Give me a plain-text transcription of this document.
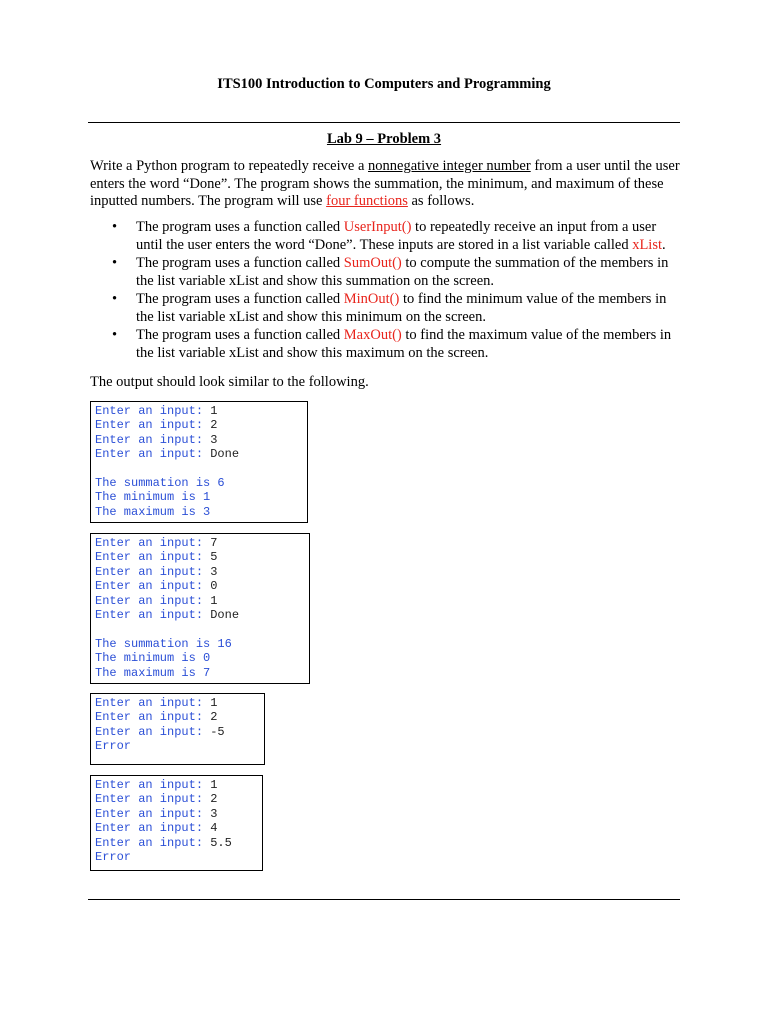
ITS100 Introduction to Computers and Programming
Lab 9 – Problem 3
Write a Python program to repeatedly receive a nonnegative integer number from a user until the user enters the word “Done”. The program shows the summation, the minimum, and maximum of these inputted numbers. The program will use four functions as follows.
• The program uses a function called UserInput() to repeatedly receive an input from a user until the user enters the word “Done”. These inputs are stored in a list variable called xList.
• The program uses a function called SumOut() to compute the summation of the members in the list variable xList and show this summation on the screen.
• The program uses a function called MinOut() to find the minimum value of the members in the list variable xList and show this minimum on the screen.
• The program uses a function called MaxOut() to find the maximum value of the members in the list variable xList and show this maximum on the screen.
The output should look similar to the following.
Enter an input: 1
Enter an input: 2
Enter an input: 3
Enter an input: Done
The summation is 6
The minimum is 1
The maximum is 3
Enter an input: 7
Enter an input: 5
Enter an input: 3
Enter an input: 0
Enter an input: 1
Enter an input: Done
The summation is 16
The minimum is 0
The maximum is 7
Enter an input: 1
Enter an input: 2
Enter an input: -5
Error
Enter an input: 1
Enter an input: 2
Enter an input: 3
Enter an input: 4
Enter an input: 5.5
Error
